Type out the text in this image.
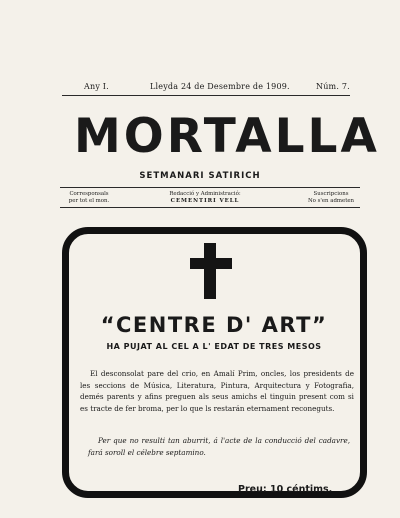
Any I.	Lleyda 24 de Desembre de 1909.	Núm. 7.
MORTALLA
SETMANARI SATIRICH
Corresponsals
per tot el mon.
Redacció y Administració:
CEMENTIRI VELL
Suscripcions
No s'en admeten
“CENTRE D' ART”
HA PUJAT AL CEL A L' EDAT DE TRES MESOS
El desconsolat pare del crio, en Amalí Prim, oncles, los presidents de les seccions de Música, Literatura, Pintura, Arquitectura y Fotografia, demés parents y afins preguen als seus amichs el tinguin present com si es tracte de fer broma, per lo que ls restarán eternament reconeguts.
Per que no resulti tan aburrit, á l'acte de la conducció del cadavre, fará soroll el célebre septamino.
Preu: 10 céntims.
